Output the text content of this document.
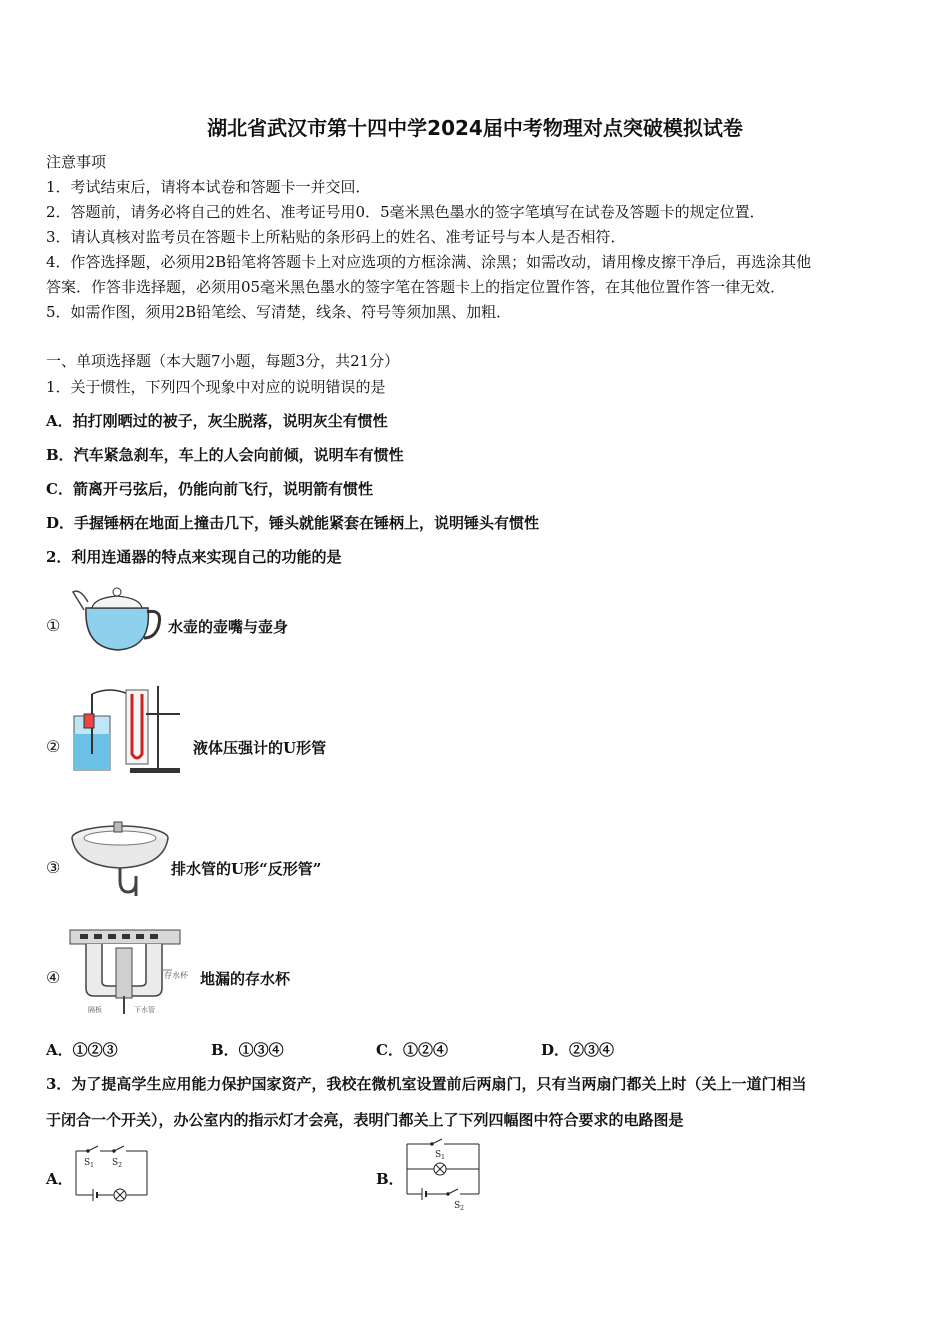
湖北省武汉市第十四中学2024届中考物理对点突破模拟试卷
注意事项
1．考试结束后，请将本试卷和答题卡一并交回．
2．答题前，请务必将自己的姓名、准考证号用0．5毫米黑色墨水的签字笔填写在试卷及答题卡的规定位置．
3．请认真核对监考员在答题卡上所粘贴的条形码上的姓名、准考证号与本人是否相符．
4．作答选择题，必须用2B铅笔将答题卡上对应选项的方框涂满、涂黑；如需改动，请用橡皮擦干净后，再选涂其他
答案．作答非选择题，必须用05毫米黑色墨水的签字笔在答题卡上的指定位置作答，在其他位置作答一律无效．
5．如需作图，须用2B铅笔绘、写清楚，线条、符号等须加黑、加粗．
一、单项选择题（本大题7小题，每题3分，共21分）
1．关于惯性，下列四个现象中对应的说明错误的是
A．拍打刚晒过的被子，灰尘脱落，说明灰尘有惯性
B．汽车紧急刹车，车上的人会向前倾，说明车有惯性
C．箭离开弓弦后，仍能向前飞行，说明箭有惯性
D．手握锤柄在地面上撞击几下，锤头就能紧套在锤柄上，说明锤头有惯性
2．利用连通器的特点来实现自己的功能的是
①	水壶的壶嘴与壶身
②	液体压强计的U形管
③	排水管的U形“反形管”
④	存水杯
隔板	下水管
地漏的存水杯
A．①②③	B．①③④	C．①②④	D．②③④
3．为了提高学生应用能力保护国家资产，我校在微机室设置前后两扇门，只有当两扇门都关上时（关上一道门相当
于闭合一个开关），办公室内的指示灯才会亮，表明门都关上了下列四幅图中符合要求的电路图是
A．
$S_1$ $S_2$
B．
$S_1$
$S_2$
